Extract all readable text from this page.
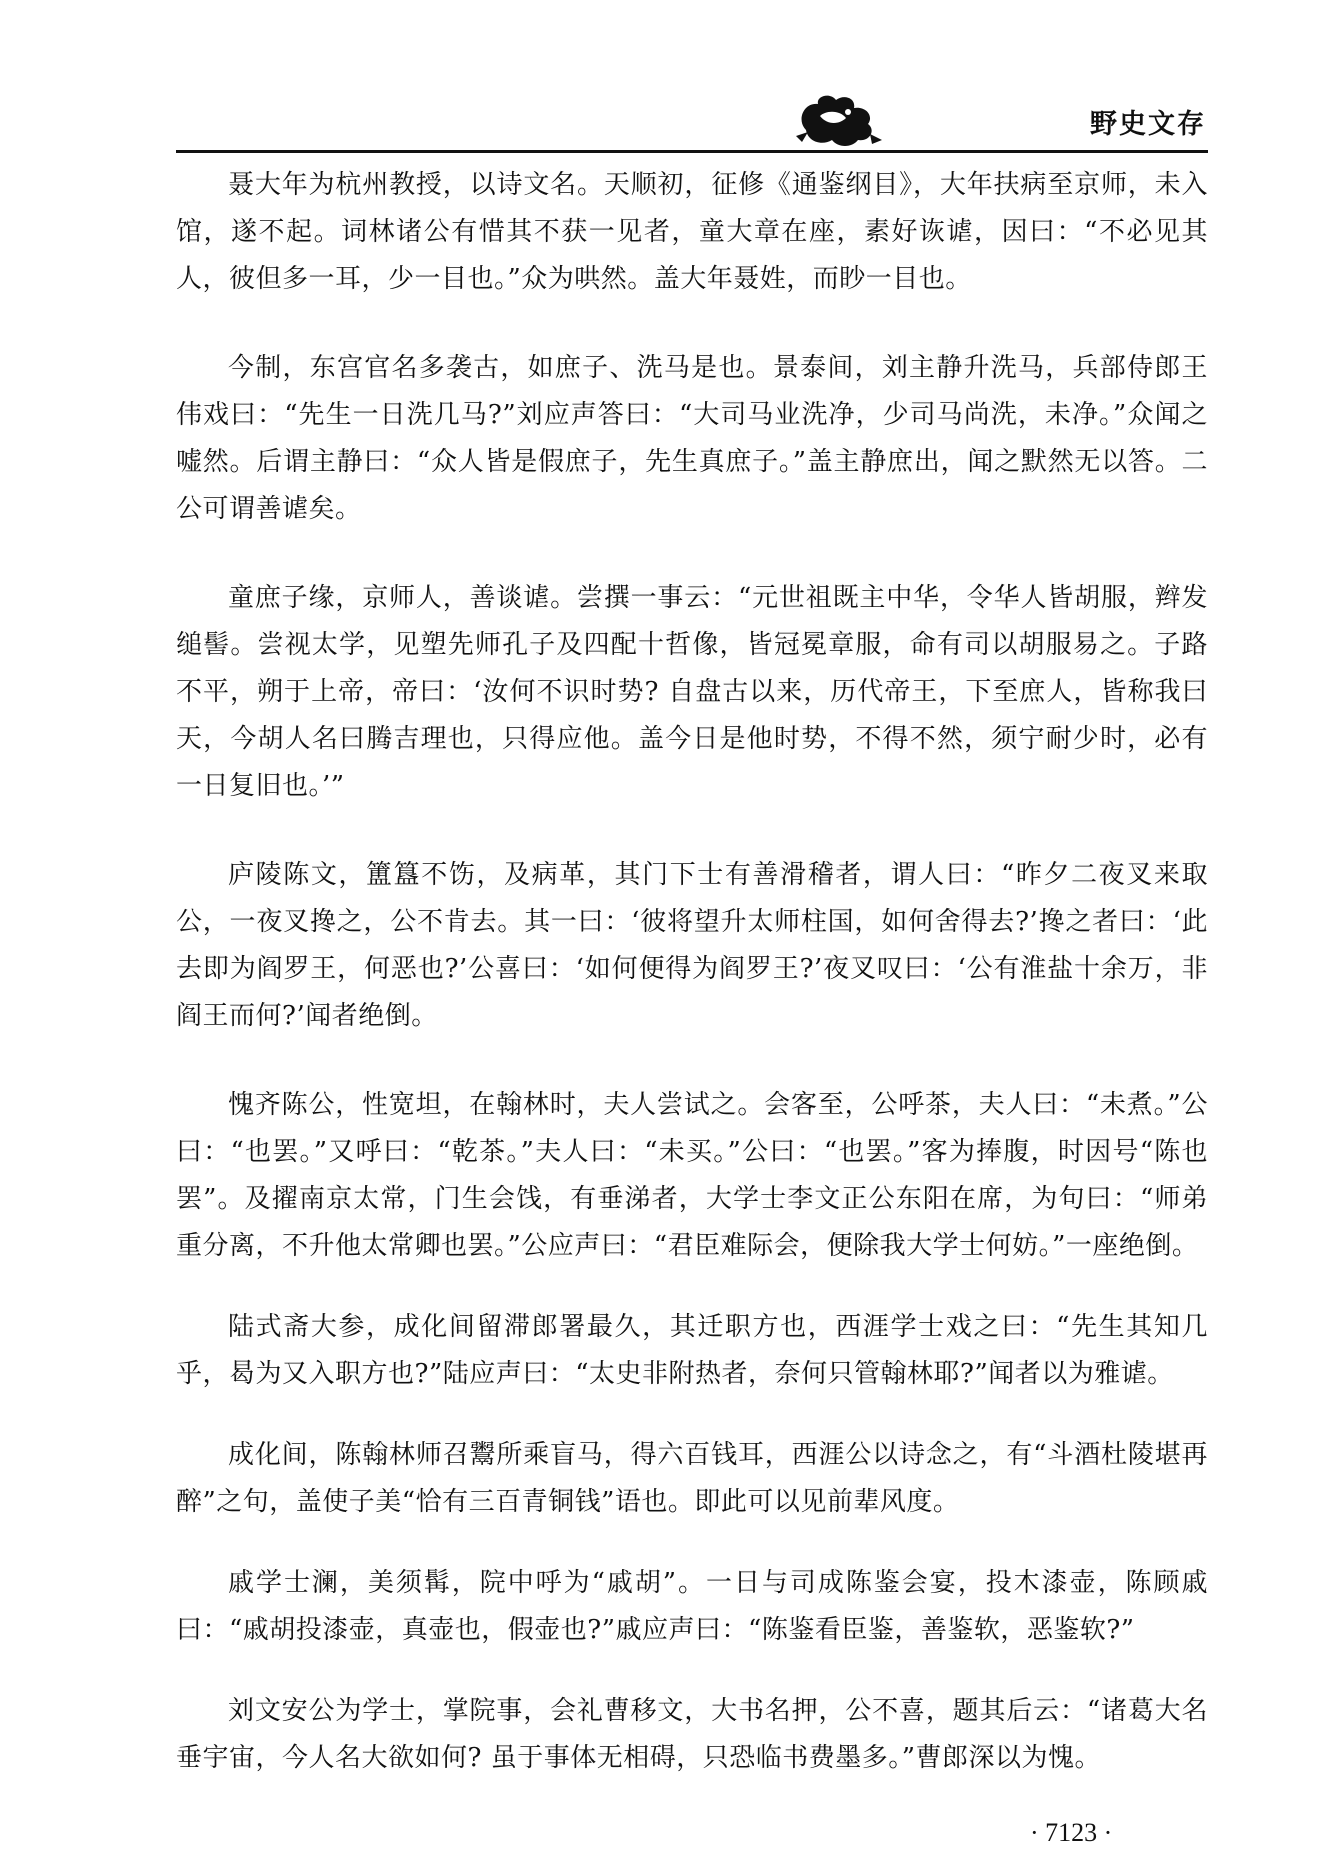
野史文存

聂大年为杭州教授，以诗文名。天顺初，征修《通鉴纲目》，大年扶病至京师，未入馆，遂不起。词林诸公有惜其不获一见者，童大章在座，素好诙谑，因曰：“不必见其人，彼但多一耳，少一目也。”众为哄然。盖大年聂姓，而眇一目也。

今制，东宫官名多袭古，如庶子、洗马是也。景泰间，刘主静升洗马，兵部侍郎王伟戏曰：“先生一日洗几马?”刘应声答曰：“大司马业洗净，少司马尚洗，未净。”众闻之嘘然。后谓主静曰：“众人皆是假庶子，先生真庶子。”盖主静庶出，闻之默然无以答。二公可谓善谑矣。

童庶子缘，京师人，善谈谑。尝撰一事云：“元世祖既主中华，令华人皆胡服，辫发缒髻。尝视太学，见塑先师孔子及四配十哲像，皆冠冕章服，命有司以胡服易之。子路不平，朔于上帝，帝曰：‘汝何不识时势? 自盘古以来，历代帝王，下至庶人，皆称我曰天，今胡人名曰腾吉理也，只得应他。盖今日是他时势，不得不然，须宁耐少时，必有一日复旧也。’”

庐陵陈文，簠簋不饬，及病革，其门下士有善滑稽者，谓人曰：“昨夕二夜叉来取公，一夜叉搀之，公不肯去。其一曰：‘彼将望升太师柱国，如何舍得去?’搀之者曰：‘此去即为阎罗王，何恶也?’公喜曰：‘如何便得为阎罗王?’夜叉叹曰：‘公有淮盐十余万，非阎王而何?’闻者绝倒。

愧齐陈公，性宽坦，在翰林时，夫人尝试之。会客至，公呼茶，夫人曰：“未煮。”公曰：“也罢。”又呼曰：“乾茶。”夫人曰：“未买。”公曰：“也罢。”客为捧腹，时因号“陈也罢”。及擢南京太常，门生会饯，有垂涕者，大学士李文正公东阳在席，为句曰：“师弟重分离，不升他太常卿也罢。”公应声曰：“君臣难际会，便除我大学士何妨。”一座绝倒。

陆式斋大参，成化间留滞郎署最久，其迁职方也，西涯学士戏之曰：“先生其知几乎，曷为又入职方也?”陆应声曰：“太史非附热者，奈何只管翰林耶?”闻者以为雅谑。

成化间，陈翰林师召鬻所乘盲马，得六百钱耳，西涯公以诗念之，有“斗酒杜陵堪再醉”之句，盖使子美“恰有三百青铜钱”语也。即此可以见前辈风度。

戚学士澜，美须髯，院中呼为“戚胡”。一日与司成陈鉴会宴，投木漆壶，陈顾戚曰：“戚胡投漆壶，真壶也，假壶也?”戚应声曰：“陈鉴看臣鉴，善鉴软，恶鉴软?”

刘文安公为学士，掌院事，会礼曹移文，大书名押，公不喜，题其后云：“诸葛大名垂宇宙，今人名大欲如何? 虽于事体无相碍，只恐临书费墨多。”曹郎深以为愧。

· 7123 ·
